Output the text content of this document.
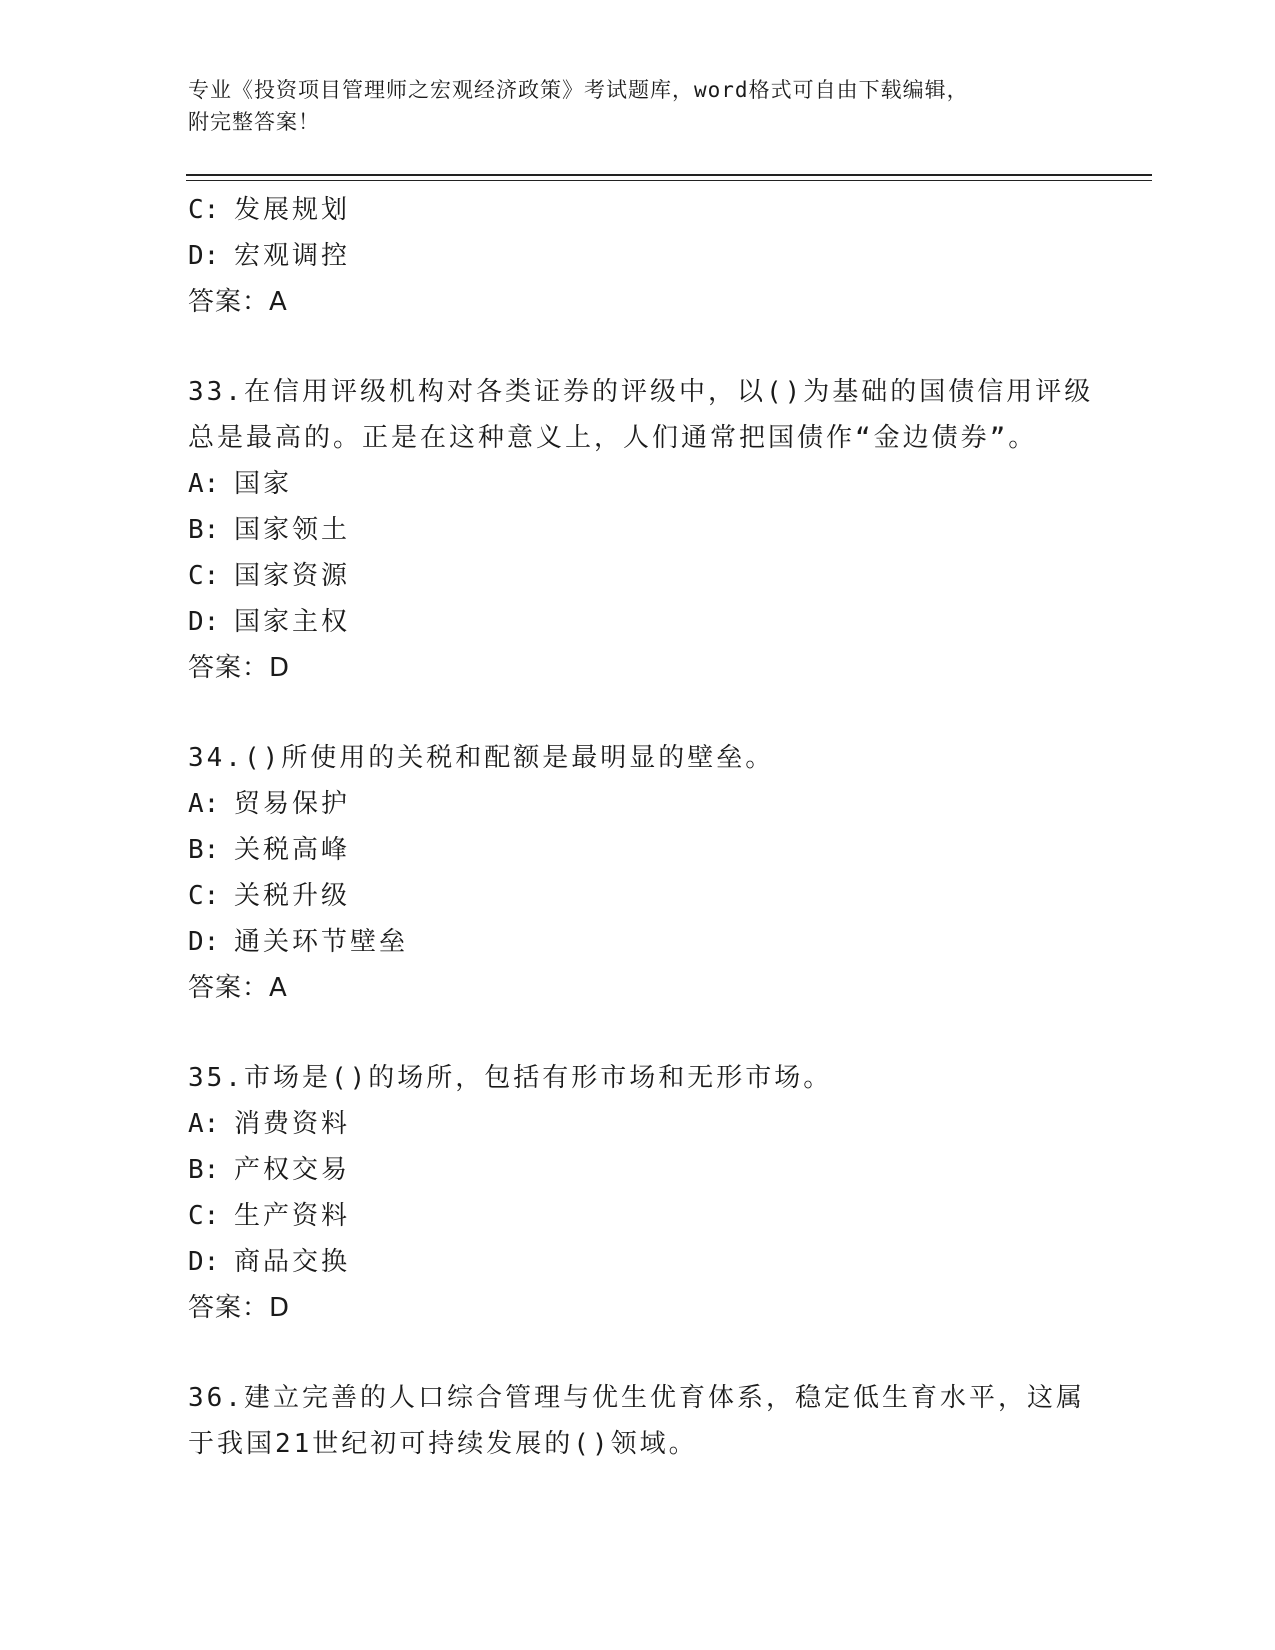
专业《投资项目管理师之宏观经济政策》考试题库，word格式可自由下载编辑，
附完整答案！
C: 发展规划
D: 宏观调控
答案：A
33.在信用评级机构对各类证券的评级中，以()为基础的国债信用评级
总是最高的。正是在这种意义上，人们通常把国债作“金边债券”。
A: 国家
B: 国家领土
C: 国家资源
D: 国家主权
答案：D
34.()所使用的关税和配额是最明显的壁垒。
A: 贸易保护
B: 关税高峰
C: 关税升级
D: 通关环节壁垒
答案：A
35.市场是()的场所，包括有形市场和无形市场。
A: 消费资料
B: 产权交易
C: 生产资料
D: 商品交换
答案：D
36.建立完善的人口综合管理与优生优育体系，稳定低生育水平，这属
于我国21世纪初可持续发展的()领域。
